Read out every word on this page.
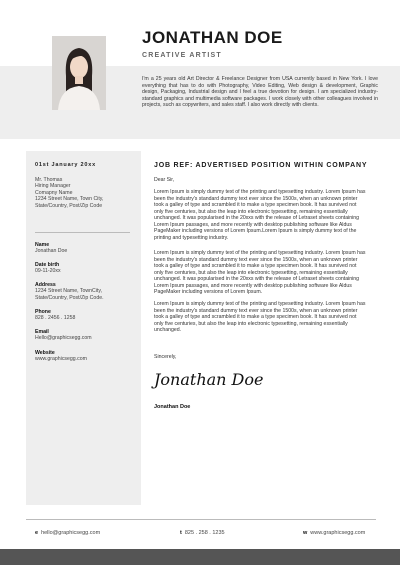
JONATHAN DOE
CREATIVE ARTIST
I'm a 25 years old Art Director & Freelance Designer from USA currently based in New York. I love everything that has to do with Photography, Video Editing, Web design & development, Graphic design, Packaging, Industrial design and I feel a true devotion for design. I am specialized industry-standard graphics and multimedia software packages. I work closely with other colleagues involved in projects, such as copywriters, and sales staff. I also work directly with clients.
01st January 20xx
Mr. Thomas
Hiring Manager
Comapny Name
1234 Street Name, Town City,
State/Country, Post/Zip Code
Name
Jonathan Doe
Date birth
09-11-20xx
Address
1234 Street Name, TownCity,
State/Country, Post/Zip Code.
Phone
828 . 2456 . 1258
Email
Hello@graphicsegg.com
Website
www.graphicsegg.com
JOB REF: ADVERTISED POSITION WITHIN COMPANY
Dear Sir,
Lorem Ipsum is simply dummy text of the printing and typesetting industry. Lorem Ipsum has been the industry's standard dummy text ever since the 1500s, when an unknown printer took a galley of type and scrambled it to make a type specimen book. It has survived not only five centuries, but also the leap into electronic typesetting, remaining essentially unchanged. It was popularised in the 20xxs with the release of Letraset sheets containing Lorem Ipsum passages, and more recently with desktop publishing software like Aldus PageMaker including versions of Lorem Ipsum.Lorem Ipsum is simply dummy text of the printing and typesetting industry.
Lorem Ipsum is simply dummy text of the printing and typesetting industry. Lorem Ipsum has been the industry's standard dummy text ever since the 1500s, when an unknown printer took a galley of type and scrambled it to make a type specimen book. It has survived not only five centuries, but also the leap into electronic typesetting, remaining essentially unchanged. It was popularised in the 20xxs with the release of Letraset sheets containing Lorem Ipsum passages, and more recently with desktop publishing software like Aldus PageMaker including versions of Lorem Ipsum.
Lorem Ipsum is simply dummy text of the printing and typesetting industry. Lorem Ipsum has been the industry's standard dummy text ever since the 1500s, when an unknown printer took a galley of type and scrambled it to make a type specimen book. It has survived not only five centuries, but also the leap into electronic typesetting, remaining essentially unchanged.
Sincerely,
Jonathan Doe
Jonathan Doe
e hello@graphicsegg.com	t 825 . 258 . 1235	w www.graphicsegg.com
